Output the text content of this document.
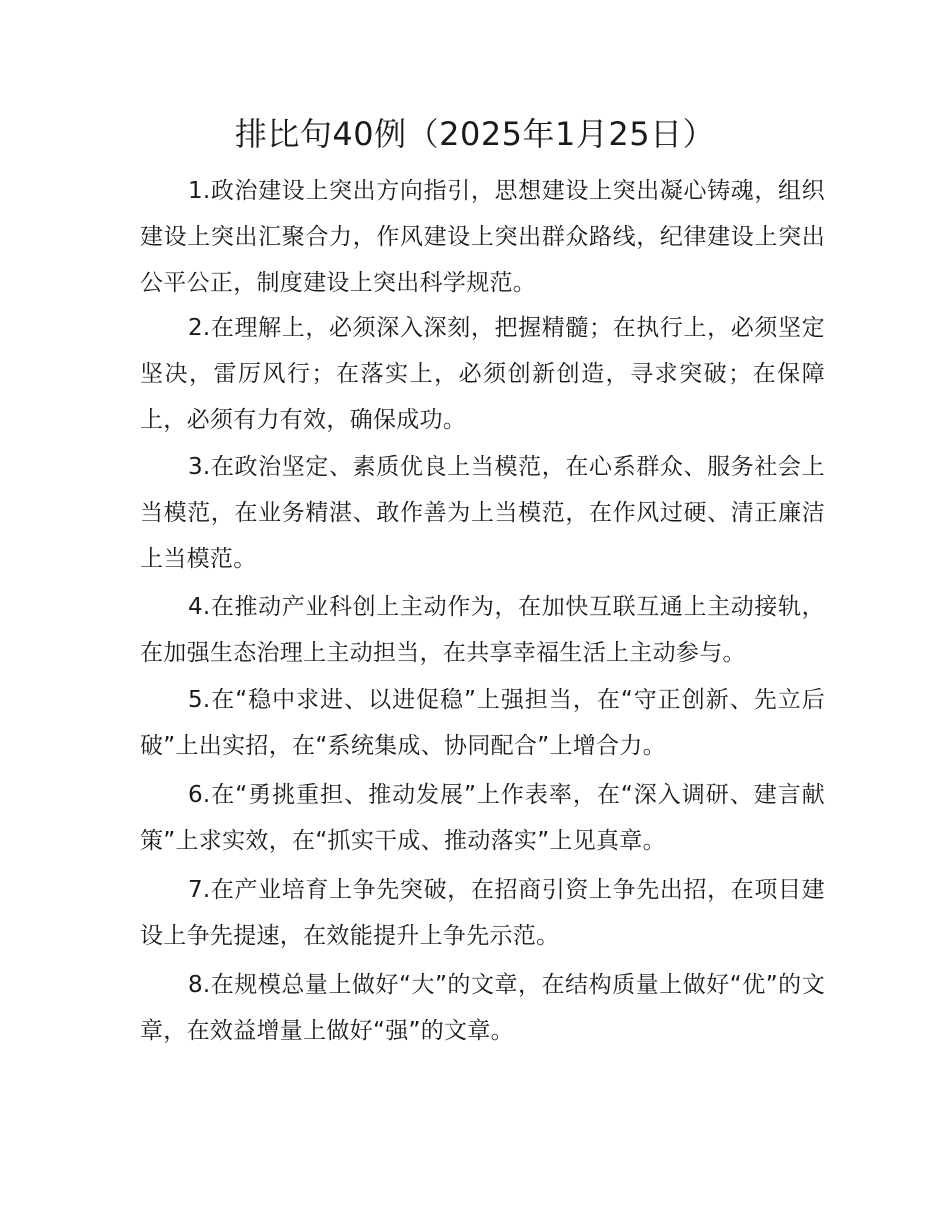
排比句40例（2025年1月25日）

1.政治建设上突出方向指引，思想建设上突出凝心铸魂，组织建设上突出汇聚合力，作风建设上突出群众路线，纪律建设上突出公平公正，制度建设上突出科学规范。

2.在理解上，必须深入深刻，把握精髓；在执行上，必须坚定坚决，雷厉风行；在落实上，必须创新创造，寻求突破；在保障上，必须有力有效，确保成功。

3.在政治坚定、素质优良上当模范，在心系群众、服务社会上当模范，在业务精湛、敢作善为上当模范，在作风过硬、清正廉洁上当模范。

4.在推动产业科创上主动作为，在加快互联互通上主动接轨，在加强生态治理上主动担当，在共享幸福生活上主动参与。

5.在“稳中求进、以进促稳”上强担当，在“守正创新、先立后破”上出实招，在“系统集成、协同配合”上增合力。

6.在“勇挑重担、推动发展”上作表率，在“深入调研、建言献策”上求实效，在“抓实干成、推动落实”上见真章。

7.在产业培育上争先突破，在招商引资上争先出招，在项目建设上争先提速，在效能提升上争先示范。

8.在规模总量上做好“大”的文章，在结构质量上做好“优”的文章，在效益增量上做好“强”的文章。
